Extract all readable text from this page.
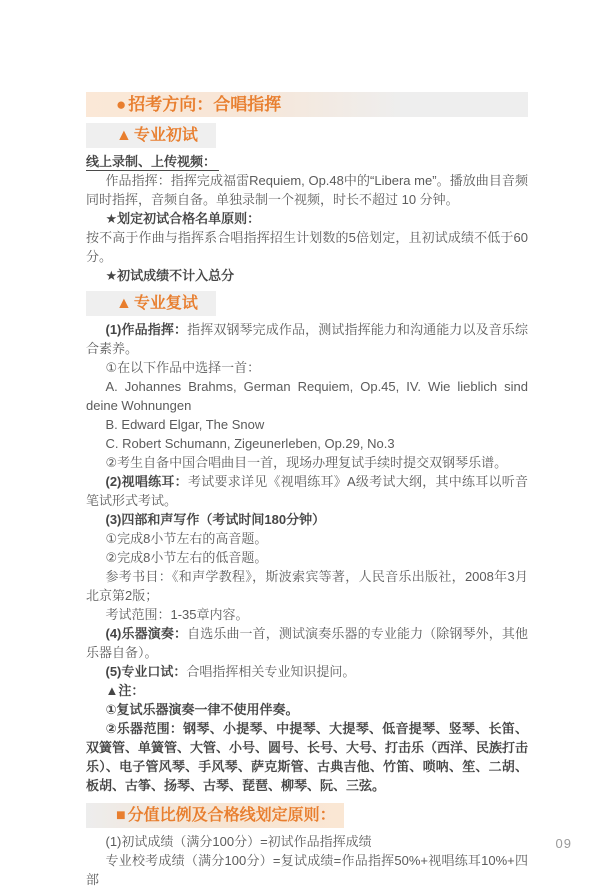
● 招考方向：合唱指挥
▲ 专业初试

线上录制、上传视频：

作品指挥：指挥完成福雷Requiem, Op.48中的“Libera me”。播放曲目音频同时指挥，音频自备。单独录制一个视频，时长不超过 10 分钟。

★划定初试合格名单原则：

按不高于作曲与指挥系合唱指挥招生计划数的5倍划定，且初试成绩不低于60分。

★初试成绩不计入总分

▲ 专业复试

(1)作品指挥：指挥双钢琴完成作品，测试指挥能力和沟通能力以及音乐综合素养。

①在以下作品中选择一首：

A. Johannes Brahms, German Requiem, Op.45, IV. Wie lieblich sind deine Wohnungen

B. Edward Elgar, The Snow

C. Robert Schumann, Zigeunerleben, Op.29, No.3

②考生自备中国合唱曲目一首，现场办理复试手续时提交双钢琴乐谱。

(2)视唱练耳：考试要求详见《视唱练耳》A级考试大纲，其中练耳以听音笔试形式考试。

(3)四部和声写作（考试时间180分钟）

①完成8小节左右的高音题。

②完成8小节左右的低音题。

参考书目：《和声学教程》，斯波索宾等著，人民音乐出版社，2008年3月北京第2版；

考试范围：1-35章内容。

(4)乐器演奏：自选乐曲一首，测试演奏乐器的专业能力（除钢琴外，其他乐器自备）。

(5)专业口试：合唱指挥相关专业知识提问。

▲注：

①复试乐器演奏一律不使用伴奏。

②乐器范围：钢琴、小提琴、中提琴、大提琴、低音提琴、竖琴、长笛、双簧管、单簧管、大管、小号、圆号、长号、大号、打击乐（西洋、民族打击乐）、电子管风琴、手风琴、萨克斯管、古典吉他、竹笛、唢呐、笙、二胡、板胡、古筝、扬琴、古琴、琵琶、柳琴、阮、三弦。

■ 分值比例及合格线划定原则：

(1)初试成绩（满分100分）=初试作品指挥成绩

专业校考成绩（满分100分）=复试成绩=作品指挥50%+视唱练耳10%+四部

09
